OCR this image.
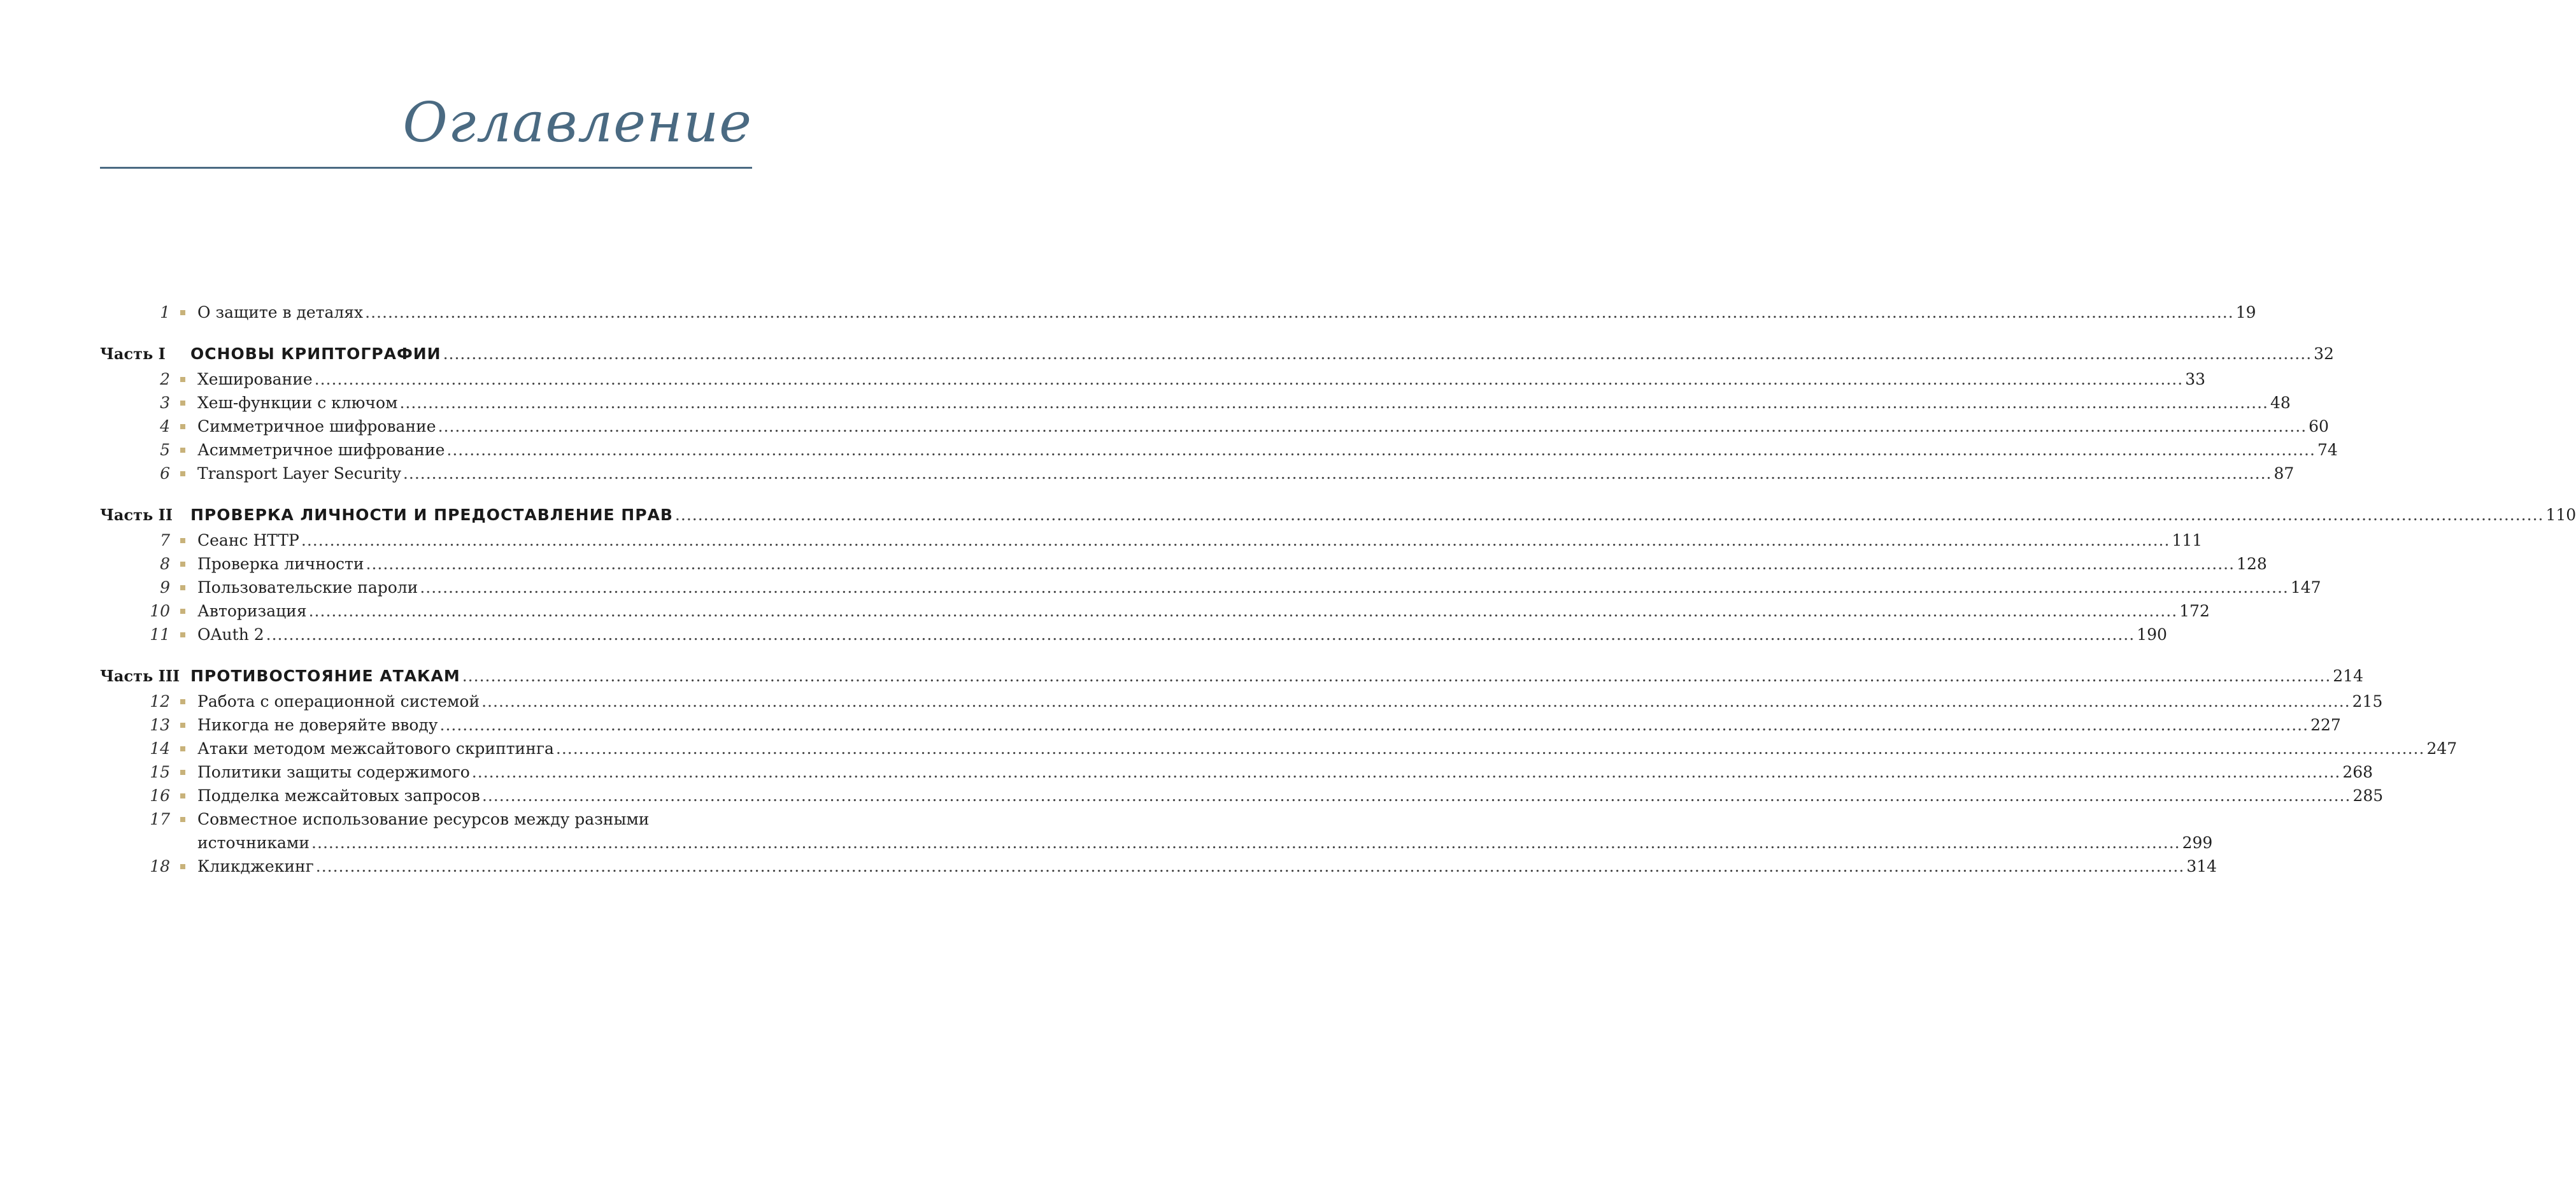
Оглавление
1 О защите в деталях .....	19
Часть I	ОСНОВЫ КРИПТОГРАФИИ .....	32
2 Хеширование .....	33
3 Хеш-функции с ключом .....	48
4 Симметричное шифрование .....	60
5 Асимметричное шифрование .....	74
6 Transport Layer Security .....	87
Часть II	ПРОВЕРКА ЛИЧНОСТИ И ПРЕДОСТАВЛЕНИЕ ПРАВ .....	110
7 Сеанс HTTP .....	111
8 Проверка личности .....	128
9 Пользовательские пароли .....	147
10 Авторизация .....	172
11 OAuth 2 .....	190
Часть III ПРОТИВОСТОЯНИЕ АТАКАМ .....	214
12 Работа с операционной системой .....	215
13 Никогда не доверяйте вводу .....	227
14 Атаки методом межсайтового скриптинга .....	247
15 Политики защиты содержимого .....	268
16 Подделка межсайтовых запросов .....	285
17 Совместное использование ресурсов между разными
источниками .....	299
18 Кликджекинг .....	314
